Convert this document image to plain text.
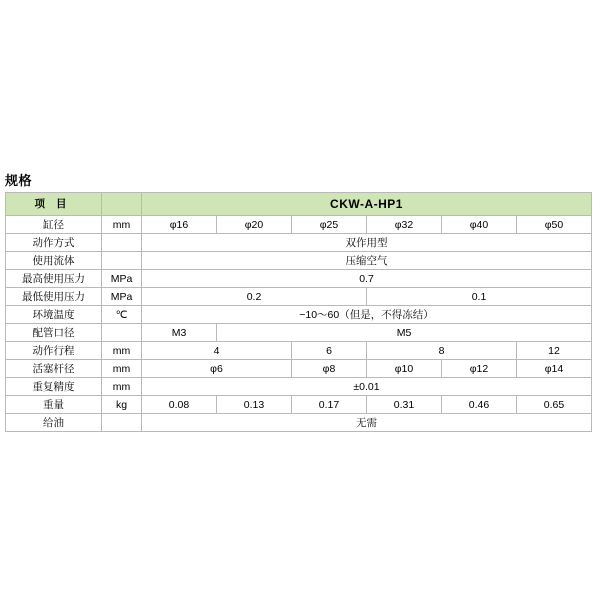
规格
项 目		CKW-A-HP1					
缸径	mm	φ16	φ20	φ25	φ32	φ40	φ50
动作方式		双作用型					
使用流体		压缩空气					
最高使用压力	MPa	0.7					
最低使用压力	MPa	0.2			0.1		
环境温度	℃	−10～60（但是，不得冻结）					
配管口径		M3	M5				
动作行程	mm	4		6	8		12
活塞杆径	mm	φ6		φ8	φ10	φ12	φ14
重复精度	mm	±0.01					
重量	kg	0.08	0.13	0.17	0.31	0.46	0.65
给油		无需					
